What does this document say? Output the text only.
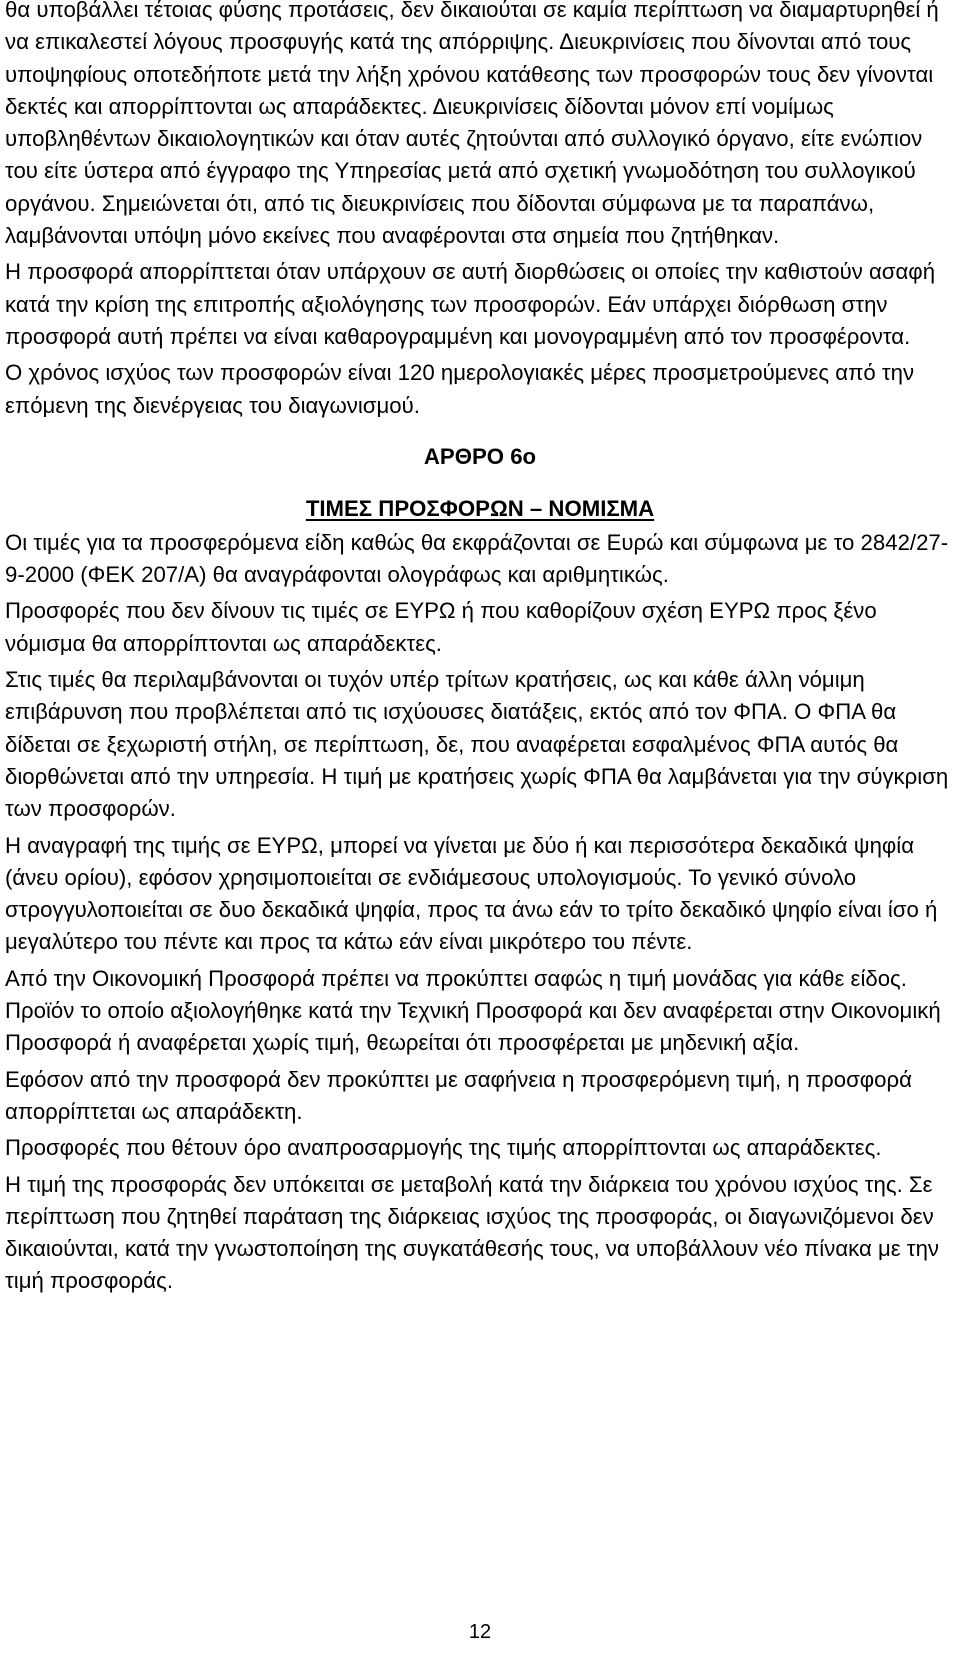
θα υποβάλλει τέτοιας φύσης προτάσεις, δεν δικαιούται σε καμία περίπτωση να διαμαρτυρηθεί ή να επικαλεστεί λόγους προσφυγής κατά της απόρριψης. Διευκρινίσεις που δίνονται από τους υποψηφίους οποτεδήποτε μετά την λήξη χρόνου κατάθεσης των προσφορών τους δεν γίνονται δεκτές και απορρίπτονται ως απαράδεκτες. Διευκρινίσεις δίδονται μόνον επί νομίμως υποβληθέντων δικαιολογητικών και όταν αυτές ζητούνται από συλλογικό όργανο, είτε ενώπιον του είτε ύστερα από έγγραφο της Υπηρεσίας μετά από σχετική γνωμοδότηση του συλλογικού οργάνου. Σημειώνεται ότι, από τις διευκρινίσεις που δίδονται σύμφωνα με τα παραπάνω, λαμβάνονται υπόψη μόνο εκείνες που αναφέρονται στα σημεία που ζητήθηκαν.

Η προσφορά απορρίπτεται όταν υπάρχουν σε αυτή διορθώσεις οι οποίες την καθιστούν ασαφή κατά την κρίση της επιτροπής αξιολόγησης των προσφορών. Εάν υπάρχει διόρθωση στην προσφορά αυτή πρέπει να είναι καθαρογραμμένη και μονογραμμένη από τον προσφέροντα.

Ο χρόνος ισχύος των προσφορών είναι 120 ημερολογιακές μέρες προσμετρούμενες από την επόμενη της διενέργειας του διαγωνισμού.

ΑΡΘΡΟ 6ο

ΤΙΜΕΣ ΠΡΟΣΦΟΡΩΝ – ΝΟΜΙΣΜΑ

Οι τιμές για τα προσφερόμενα είδη καθώς θα εκφράζονται σε Ευρώ και σύμφωνα με το 2842/27-9-2000 (ΦΕΚ 207/Α) θα αναγράφονται ολογράφως και αριθμητικώς.

Προσφορές που δεν δίνουν τις τιμές σε ΕΥΡΩ ή που καθορίζουν σχέση ΕΥΡΩ προς ξένο νόμισμα θα απορρίπτονται ως απαράδεκτες.

Στις τιμές θα περιλαμβάνονται οι τυχόν υπέρ τρίτων κρατήσεις, ως και κάθε άλλη νόμιμη επιβάρυνση που προβλέπεται από τις ισχύουσες διατάξεις, εκτός από τον ΦΠΑ. Ο ΦΠΑ θα δίδεται σε ξεχωριστή στήλη, σε περίπτωση, δε, που αναφέρεται εσφαλμένος ΦΠΑ αυτός θα διορθώνεται από την υπηρεσία. Η τιμή με κρατήσεις χωρίς ΦΠΑ θα λαμβάνεται για την σύγκριση των προσφορών.

Η αναγραφή της τιμής σε ΕΥΡΩ, μπορεί να γίνεται με δύο ή και περισσότερα δεκαδικά ψηφία (άνευ ορίου), εφόσον χρησιμοποιείται σε ενδιάμεσους υπολογισμούς. Το γενικό σύνολο στρογγυλοποιείται σε δυο δεκαδικά ψηφία, προς τα άνω εάν το τρίτο δεκαδικό ψηφίο είναι ίσο ή μεγαλύτερο του πέντε και προς τα κάτω εάν είναι μικρότερο του πέντε.

Από την Οικονομική Προσφορά πρέπει να προκύπτει σαφώς η τιμή μονάδας για κάθε είδος. Προϊόν το οποίο αξιολογήθηκε κατά την Τεχνική Προσφορά και δεν αναφέρεται στην Οικονομική Προσφορά ή αναφέρεται χωρίς τιμή, θεωρείται ότι προσφέρεται με μηδενική αξία.

Εφόσον από την προσφορά δεν προκύπτει με σαφήνεια η προσφερόμενη τιμή, η προσφορά απορρίπτεται ως απαράδεκτη.

Προσφορές που θέτουν όρο αναπροσαρμογής της τιμής απορρίπτονται ως απαράδεκτες.

Η τιμή της προσφοράς δεν υπόκειται σε μεταβολή κατά την διάρκεια του χρόνου ισχύος της. Σε περίπτωση που ζητηθεί παράταση της διάρκειας ισχύος της προσφοράς, οι διαγωνιζόμενοι δεν δικαιούνται, κατά την γνωστοποίηση της συγκατάθεσής τους, να υποβάλλουν νέο πίνακα με την τιμή προσφοράς.

12
